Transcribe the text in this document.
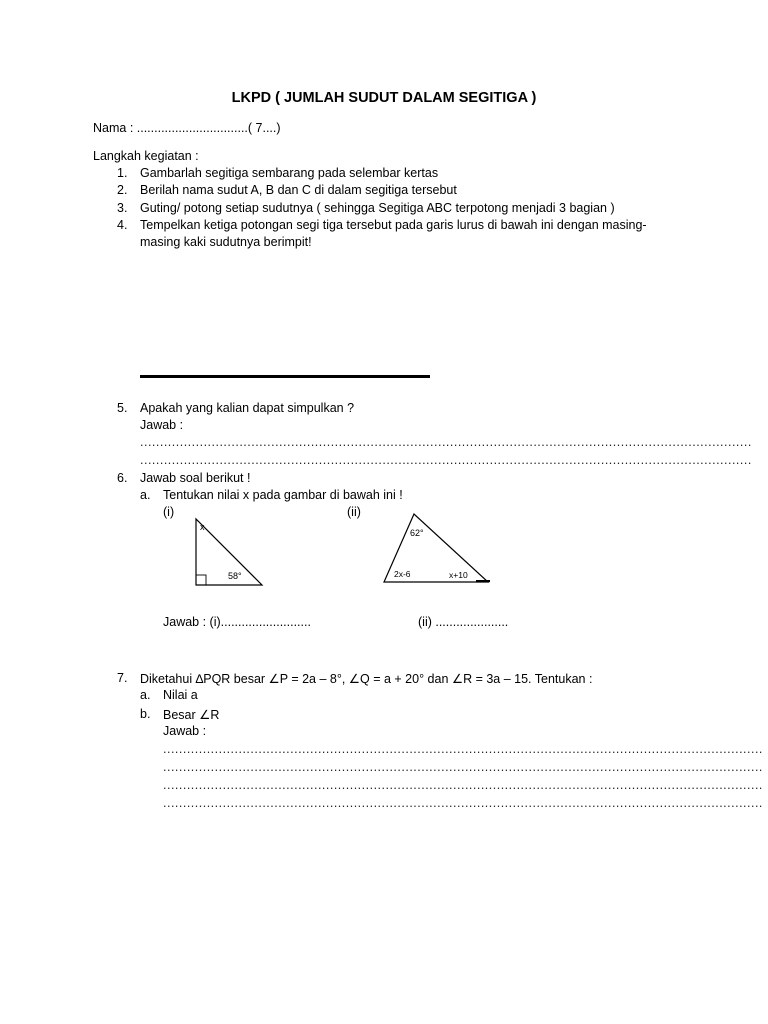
LKPD ( JUMLAH SUDUT DALAM SEGITIGA )
Nama : ................................( 7....)
Langkah kegiatan :
1. Gambarlah segitiga sembarang pada selembar kertas
2. Berilah nama sudut A, B dan C di dalam segitiga tersebut
3. Guting/ potong setiap sudutnya ( sehingga Segitiga ABC terpotong menjadi 3 bagian )
4. Tempelkan ketiga potongan segi tiga tersebut pada garis lurus di bawah ini dengan masing-
masing kaki sudutnya berimpit!
5. Apakah yang kalian dapat simpulkan ?
Jawab :
..........................................................................................................................................................
..........................................................................................................................................................
6. Jawab soal berikut !
a. Tentukan nilai x pada gambar di bawah ini !
(i)	(ii)
x
58°
62°
2x-6	x+10
Jawab : (i)..........................	(ii) .....................
7. Diketahui ∆PQR besar ∠P = 2a – 8°, ∠Q = a + 20° dan ∠R = 3a – 15. Tentukan :
a. Nilai a
b. Besar ∠R
Jawab :
.......................................................................................................................................................
.......................................................................................................................................................
.......................................................................................................................................................
.......................................................................................................................................................
